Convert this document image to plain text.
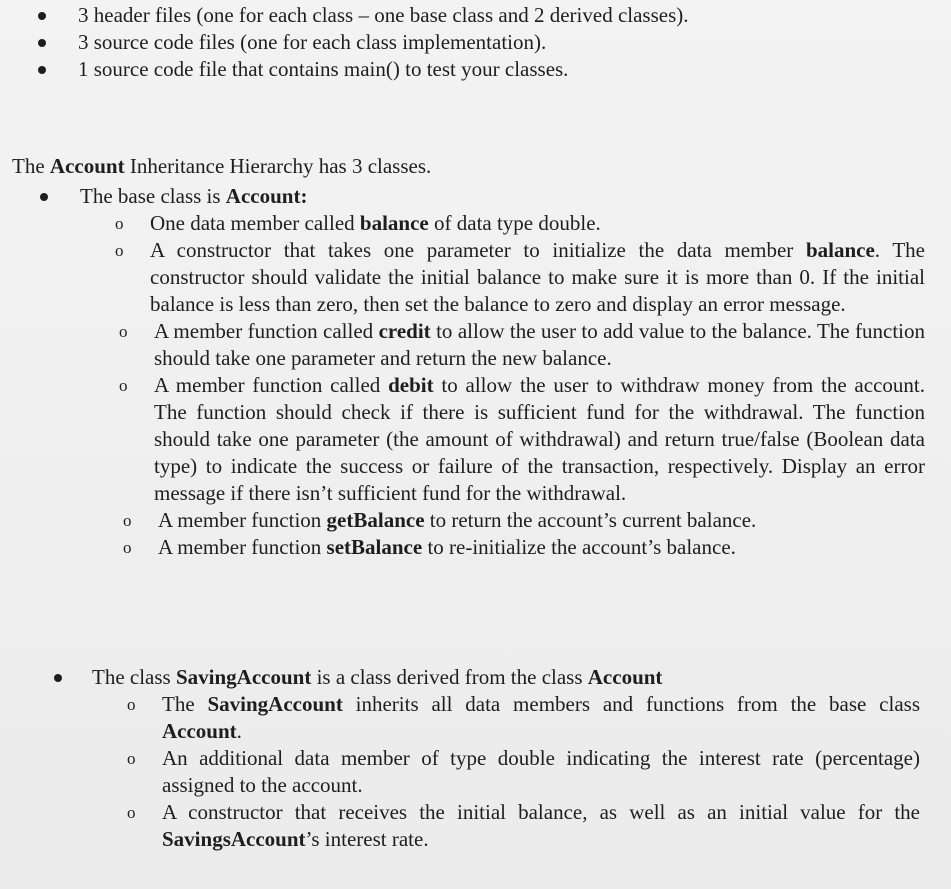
3 header files (one for each class – one base class and 2 derived classes).
3 source code files (one for each class implementation).
1 source code file that contains main() to test your classes.
The Account Inheritance Hierarchy has 3 classes.
The base class is Account:
o One data member called balance of data type double.
o A constructor that takes one parameter to initialize the data member balance. The constructor should validate the initial balance to make sure it is more than 0. If the initial balance is less than zero, then set the balance to zero and display an error message.
o A member function called credit to allow the user to add value to the balance. The function should take one parameter and return the new balance.
o A member function called debit to allow the user to withdraw money from the account. The function should check if there is sufficient fund for the withdrawal. The function should take one parameter (the amount of withdrawal) and return true/false (Boolean data type) to indicate the success or failure of the transaction, respectively. Display an error message if there isn’t sufficient fund for the withdrawal.
o A member function getBalance to return the account’s current balance.
o A member function setBalance to re-initialize the account’s balance.
The class SavingAccount is a class derived from the class Account
o The SavingAccount inherits all data members and functions from the base class Account.
o An additional data member of type double indicating the interest rate (percentage) assigned to the account.
o A constructor that receives the initial balance, as well as an initial value for the SavingsAccount’s interest rate.
